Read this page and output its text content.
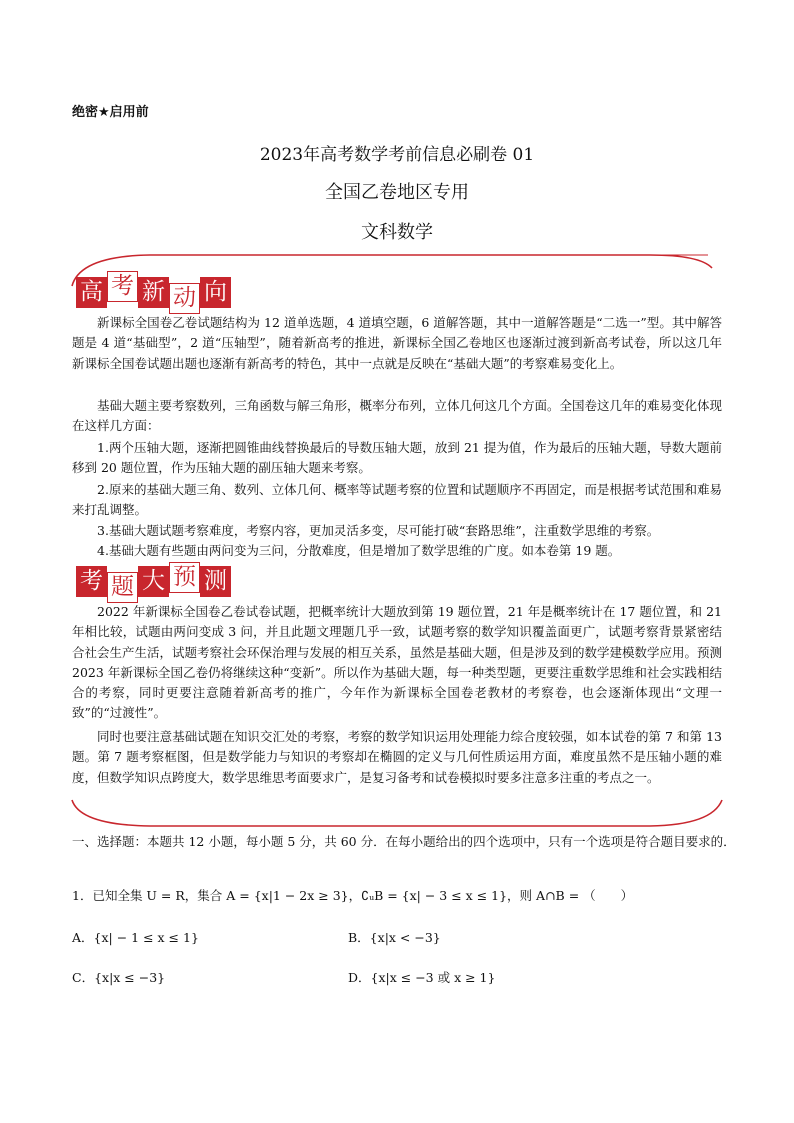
绝密★启用前
2023年高考数学考前信息必刷卷 01
全国乙卷地区专用
文科数学
高 考 新 动 向

新课标全国卷乙卷试题结构为 12 道单选题，4 道填空题，6 道解答题，其中一道解答题是“二选一”型。其中解答题是 4 道“基础型”，2 道“压轴型”，随着新高考的推进，新课标全国乙卷地区也逐渐过渡到新高考试卷，所以这几年新课标全国卷试题出题也逐渐有新高考的特色，其中一点就是反映在“基础大题”的考察难易变化上。

基础大题主要考察数列，三角函数与解三角形，概率分布列，立体几何这几个方面。全国卷这几年的难易变化体现在这样几方面：

1.两个压轴大题，逐渐把圆锥曲线替换最后的导数压轴大题，放到 21 提为值，作为最后的压轴大题，导数大题前移到 20 题位置，作为压轴大题的副压轴大题来考察。

2.原来的基础大题三角、数列、立体几何、概率等试题考察的位置和试题顺序不再固定，而是根据考试范围和难易来打乱调整。

3.基础大题试题考察难度，考察内容，更加灵活多变，尽可能打破“套路思维”，注重数学思维的考察。

4.基础大题有些题由两问变为三问，分散难度，但是增加了数学思维的广度。如本卷第 19 题。

考 题 大 预 测

2022 年新课标全国卷乙卷试卷试题，把概率统计大题放到第 19 题位置，21 年是概率统计在 17 题位置，和 21 年相比较，试题由两问变成 3 问，并且此题文理题几乎一致，试题考察的数学知识覆盖面更广，试题考察背景紧密结合社会生产生活，试题考察社会环保治理与发展的相互关系，虽然是基础大题，但是涉及到的数学建模数学应用。预测 2023 年新课标全国乙卷仍将继续这种“变新”。所以作为基础大题，每一种类型题，更要注重数学思维和社会实践相结合的考察，同时更要注意随着新高考的推广，今年作为新课标全国卷老教材的考察卷，也会逐渐体现出“文理一致”的“过渡性”。

同时也要注意基础试题在知识交汇处的考察，考察的数学知识运用处理能力综合度较强，如本试卷的第 7 和第 13 题。第 7 题考察框图，但是数学能力与知识的考察却在椭圆的定义与几何性质运用方面，难度虽然不是压轴小题的难度，但数学知识点跨度大，数学思维思考面要求广，是复习备考和试卷模拟时要多注意多注重的考点之一。

一、选择题：本题共 12 小题，每小题 5 分，共 60 分．在每小题给出的四个选项中，只有一个选项是符合题目要求的．

1．已知全集 U = R，集合 A = {x|1 − 2x ≥ 3}，∁ᵤB = {x| − 3 ≤ x ≤ 1}，则 A∩B = （　　）
A．{x| − 1 ≤ x ≤ 1}	B．{x|x < −3}
C．{x|x ≤ −3}	D．{x|x ≤ −3 或 x ≥ 1}
